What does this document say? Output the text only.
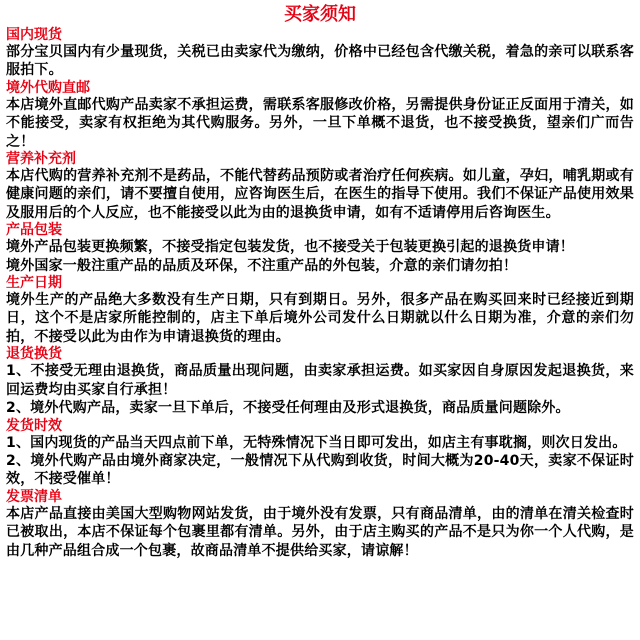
买家须知
国内现货

部分宝贝国内有少量现货，关税已由卖家代为缴纳，价格中已经包含代缴关税，着急的亲可以联系客服拍下。

境外代购直邮

本店境外直邮代购产品卖家不承担运费，需联系客服修改价格，另需提供身份证正反面用于清关，如不能接受，卖家有权拒绝为其代购服务。另外，一旦下单概不退货，也不接受换货，望亲们广而告之！

营养补充剂

本店代购的营养补充剂不是药品，不能代替药品预防或者治疗任何疾病。如儿童，孕妇，哺乳期或有健康问题的亲们，请不要擅自使用，应咨询医生后，在医生的指导下使用。我们不保证产品使用效果及服用后的个人反应，也不能接受以此为由的退换货申请，如有不适请停用后咨询医生。

产品包装

境外产品包装更换频繁，不接受指定包装发货，也不接受关于包装更换引起的退换货申请！

境外国家一般注重产品的品质及环保，不注重产品的外包装，介意的亲们请勿拍！

生产日期

境外生产的产品绝大多数没有生产日期，只有到期日。另外，很多产品在购买回来时已经接近到期日，这个不是店家所能控制的，店主下单后境外公司发什么日期就以什么日期为准，介意的亲们勿拍，不接受以此为由作为申请退换货的理由。

退货换货

1、不接受无理由退换货，商品质量出现问题，由卖家承担运费。如买家因自身原因发起退换货，来回运费均由买家自行承担！

2、境外代购产品，卖家一旦下单后，不接受任何理由及形式退换货，商品质量问题除外。

发货时效

1、国内现货的产品当天四点前下单，无特殊情况下当日即可发出，如店主有事耽搁，则次日发出。

2、境外代购产品由境外商家决定，一般情况下从代购到收货，时间大概为20-40天，卖家不保证时效，不接受催单！

发票清单

本店产品直接由美国大型购物网站发货，由于境外没有发票，只有商品清单，由的清单在清关检查时已被取出，本店不保证每个包裹里都有清单。另外，由于店主购买的产品不是只为你一个人代购，是由几种产品组合成一个包裹，故商品清单不提供给买家，请谅解！
